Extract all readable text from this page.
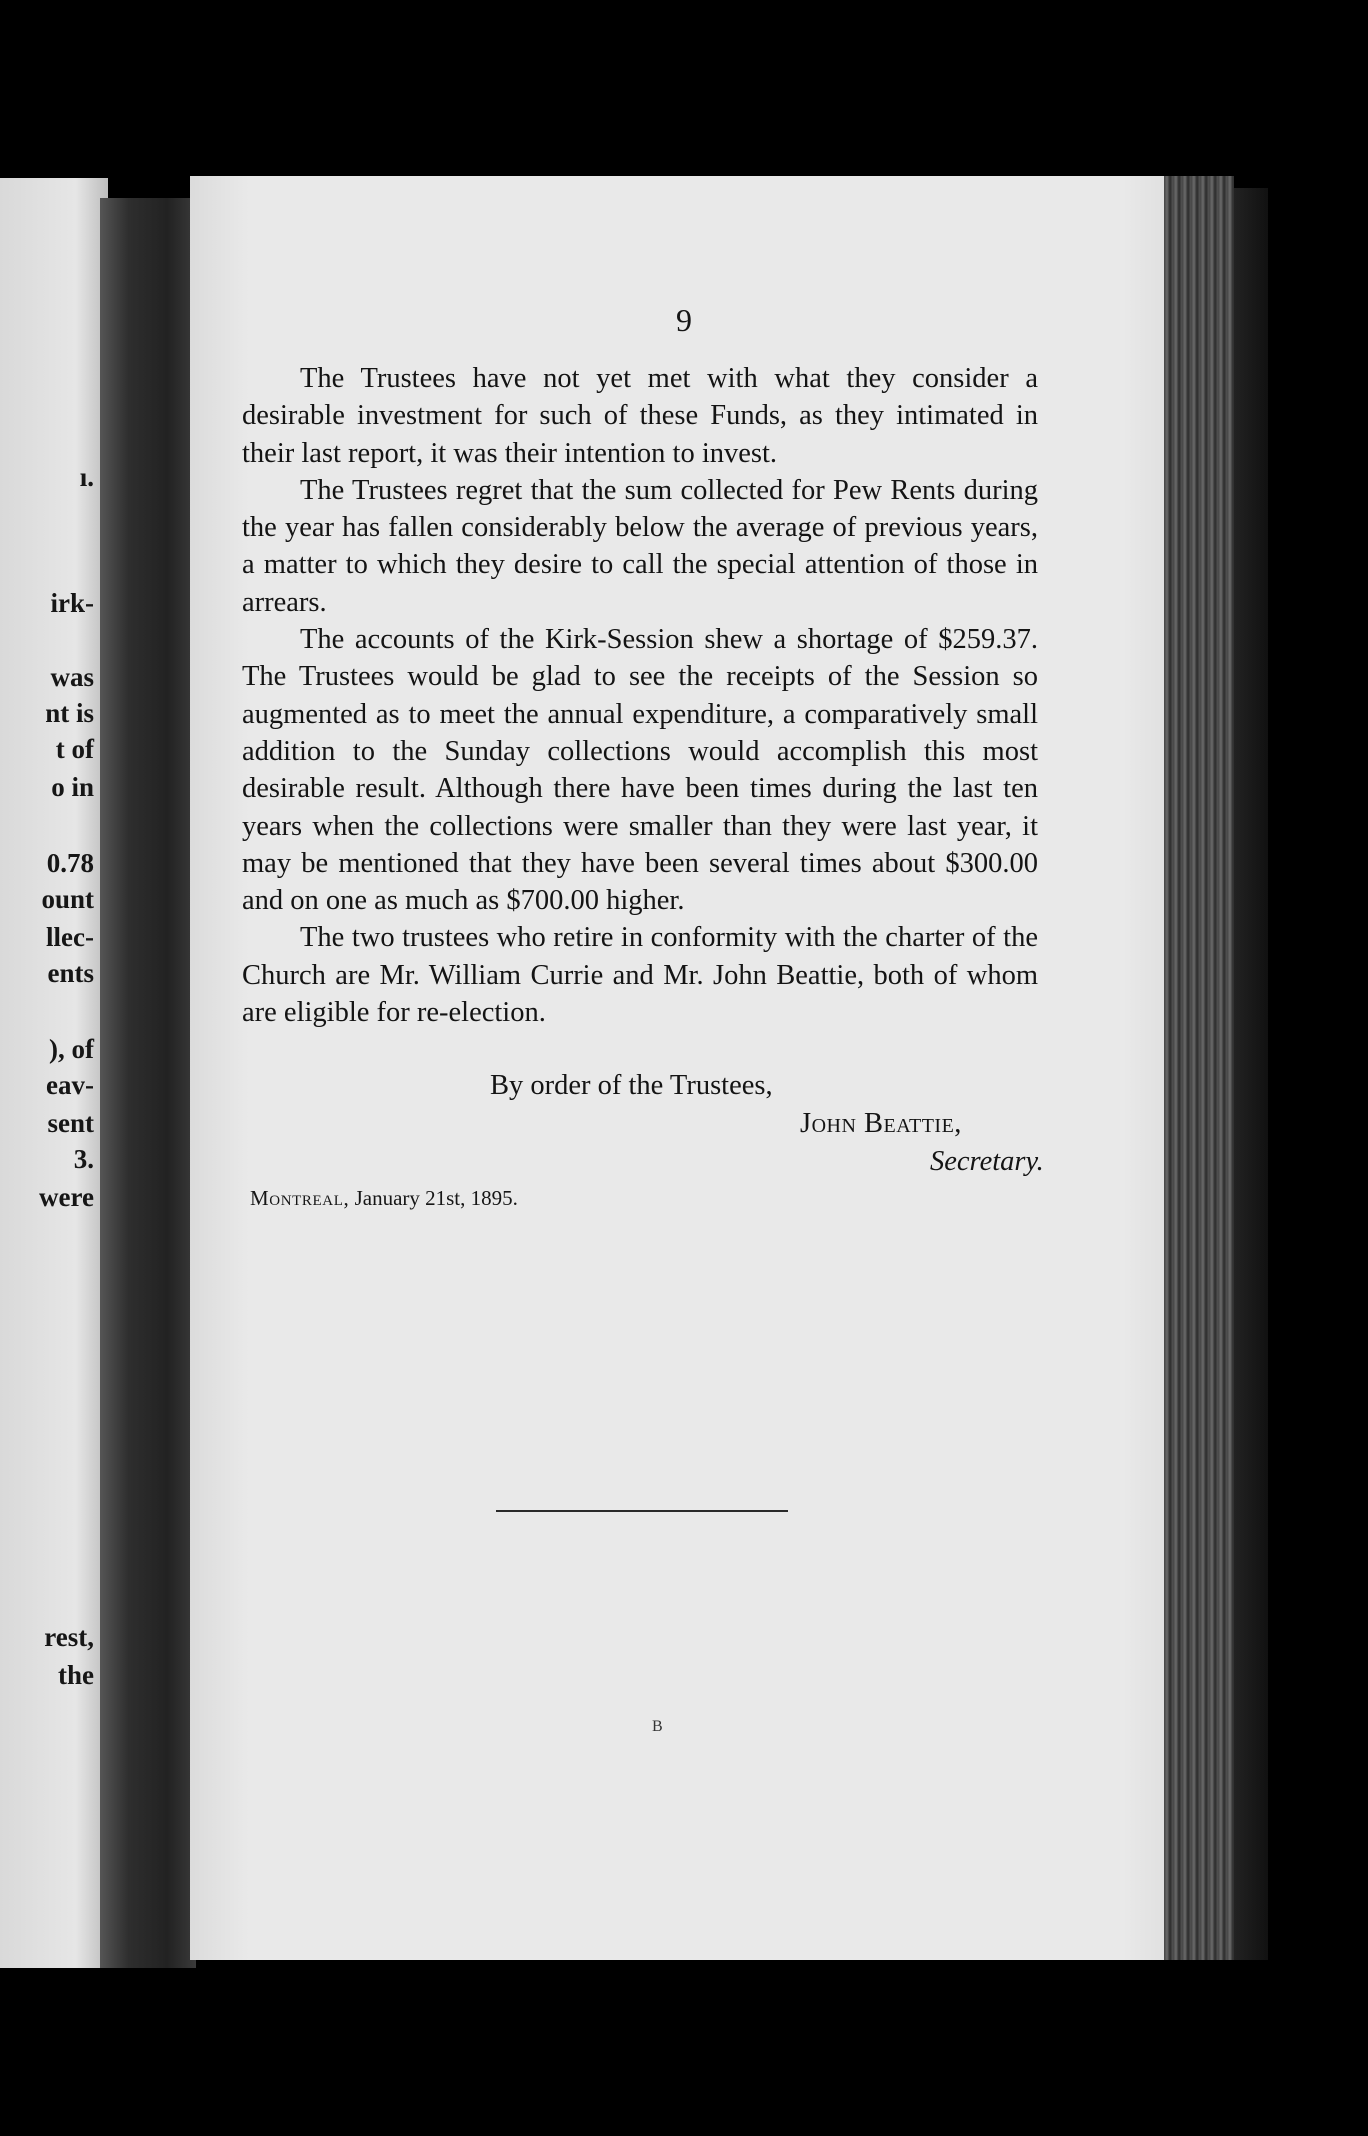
ı.
irk-
was
nt is
t of
o in
0.78
ount
llec-
ents
), of
eav-
sent
3.
were
rest,
the
9

The Trustees have not yet met with what they consider a desirable investment for such of these Funds, as they intimated in their last report, it was their intention to invest.

The Trustees regret that the sum collected for Pew Rents during the year has fallen considerably below the average of previous years, a matter to which they desire to call the special attention of those in arrears.

The accounts of the Kirk-Session shew a shortage of $259.37. The Trustees would be glad to see the receipts of the Session so augmented as to meet the annual expenditure, a comparatively small addition to the Sunday collections would accomplish this most desirable result. Although there have been times during the last ten years when the collections were smaller than they were last year, it may be mentioned that they have been several times about $300.00 and on one as much as $700.00 higher.

The two trustees who retire in conformity with the charter of the Church are Mr. William Currie and Mr. John Beattie, both of whom are eligible for re-election.

By order of the Trustees,
John Beattie,
Secretary.
Montreal, January 21st, 1895.
B
